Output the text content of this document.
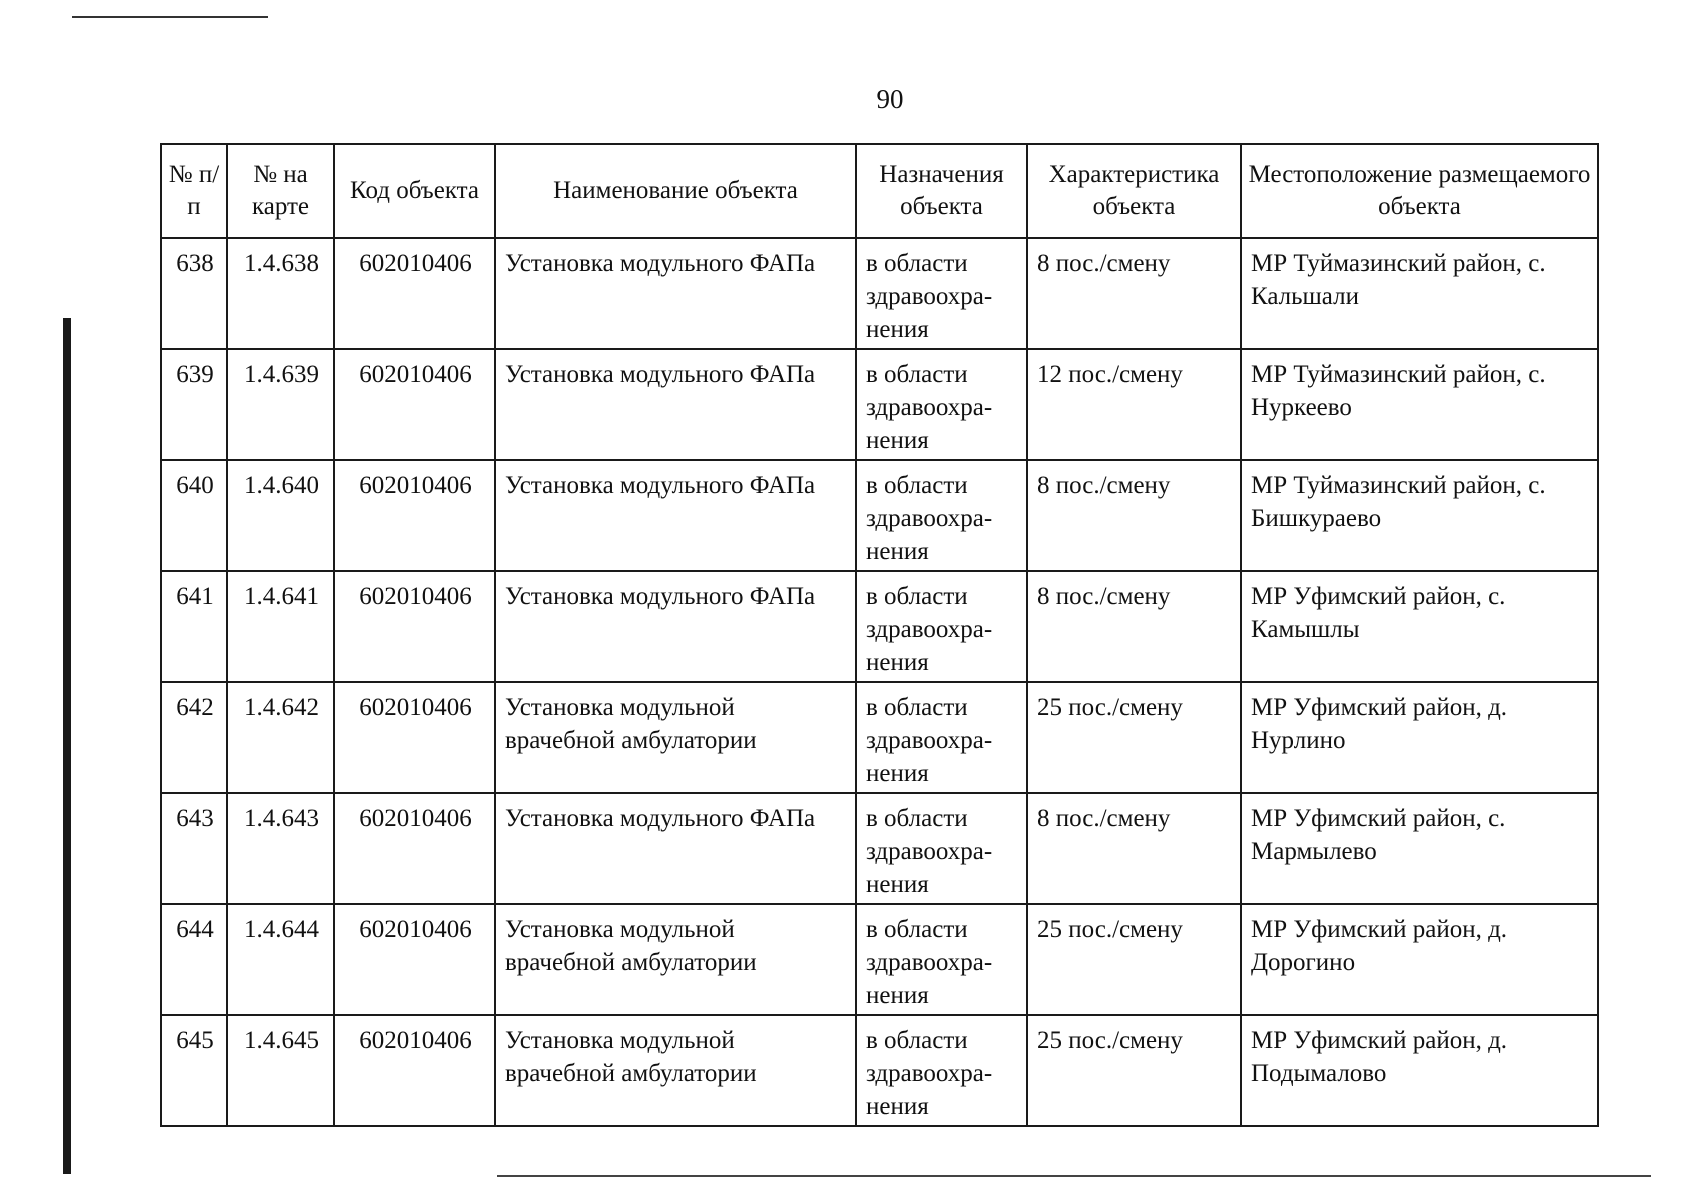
90
№ п/п	№ на карте	Код объекта	Наименование объекта	Назначения объекта	Характеристика объекта	Местоположение размещаемого объекта
638	1.4.638	602010406	Установка модульного ФАПа	в области здравоохра-нения	8 пос./смену	МР Туймазинский район, с. Кальшали
639	1.4.639	602010406	Установка модульного ФАПа	в области здравоохра-нения	12 пос./смену	МР Туймазинский район, с. Нуркеево
640	1.4.640	602010406	Установка модульного ФАПа	в области здравоохра-нения	8 пос./смену	МР Туймазинский район, с. Бишкураево
641	1.4.641	602010406	Установка модульного ФАПа	в области здравоохра-нения	8 пос./смену	МР Уфимский район, с. Камышлы
642	1.4.642	602010406	Установка модульной врачебной амбулатории	в области здравоохра-нения	25 пос./смену	МР Уфимский район, д. Нурлино
643	1.4.643	602010406	Установка модульного ФАПа	в области здравоохра-нения	8 пос./смену	МР Уфимский район, с. Мармылево
644	1.4.644	602010406	Установка модульной врачебной амбулатории	в области здравоохра-нения	25 пос./смену	МР Уфимский район, д. Дорогино
645	1.4.645	602010406	Установка модульной врачебной амбулатории	в области здравоохра-нения	25 пос./смену	МР Уфимский район, д. Подымалово
